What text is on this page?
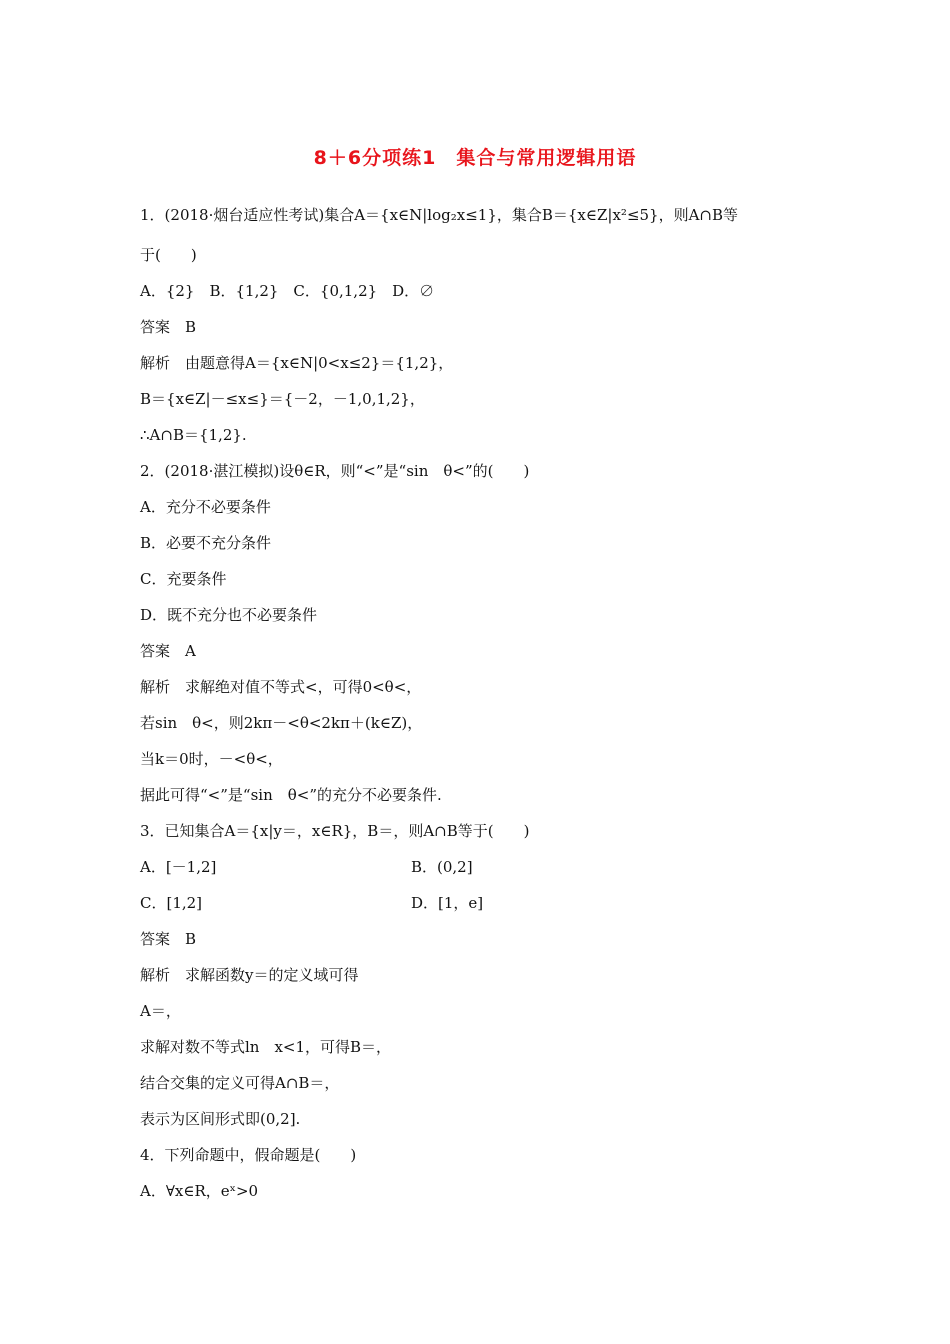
8＋6分项练1　集合与常用逻辑用语
1．(2018·烟台适应性考试)集合A＝{x∈N|log₂x≤1}，集合B＝{x∈Z|x²≤5}，则A∩B等
于(　　)
A．{2}　B．{1,2}　C．{0,1,2}　D．∅
答案　B
解析　由题意得A＝{x∈N|0<x≤2}＝{1,2}，
B＝{x∈Z|－≤x≤}＝{－2，－1,0,1,2}，
∴A∩B＝{1,2}.
2．(2018·湛江模拟)设θ∈R，则“<”是“sin　θ<”的(　　)
A．充分不必要条件
B．必要不充分条件
C．充要条件
D．既不充分也不必要条件
答案　A
解析　求解绝对值不等式<，可得0<θ<，
若sin　θ<，则2kπ－<θ<2kπ＋(k∈Z)，
当k＝0时，－<θ<，
据此可得“<”是“sin　θ<”的充分不必要条件.
3．已知集合A＝{x|y＝，x∈R}，B＝，则A∩B等于(　　)
A．[－1,2]	B．(0,2]
C．[1,2]	D．[1，e]
答案　B
解析　求解函数y＝的定义域可得
A＝，
求解对数不等式ln　x<1，可得B＝，
结合交集的定义可得A∩B＝，
表示为区间形式即(0,2].
4．下列命题中，假命题是(　　)
A．∀x∈R，eˣ>0
